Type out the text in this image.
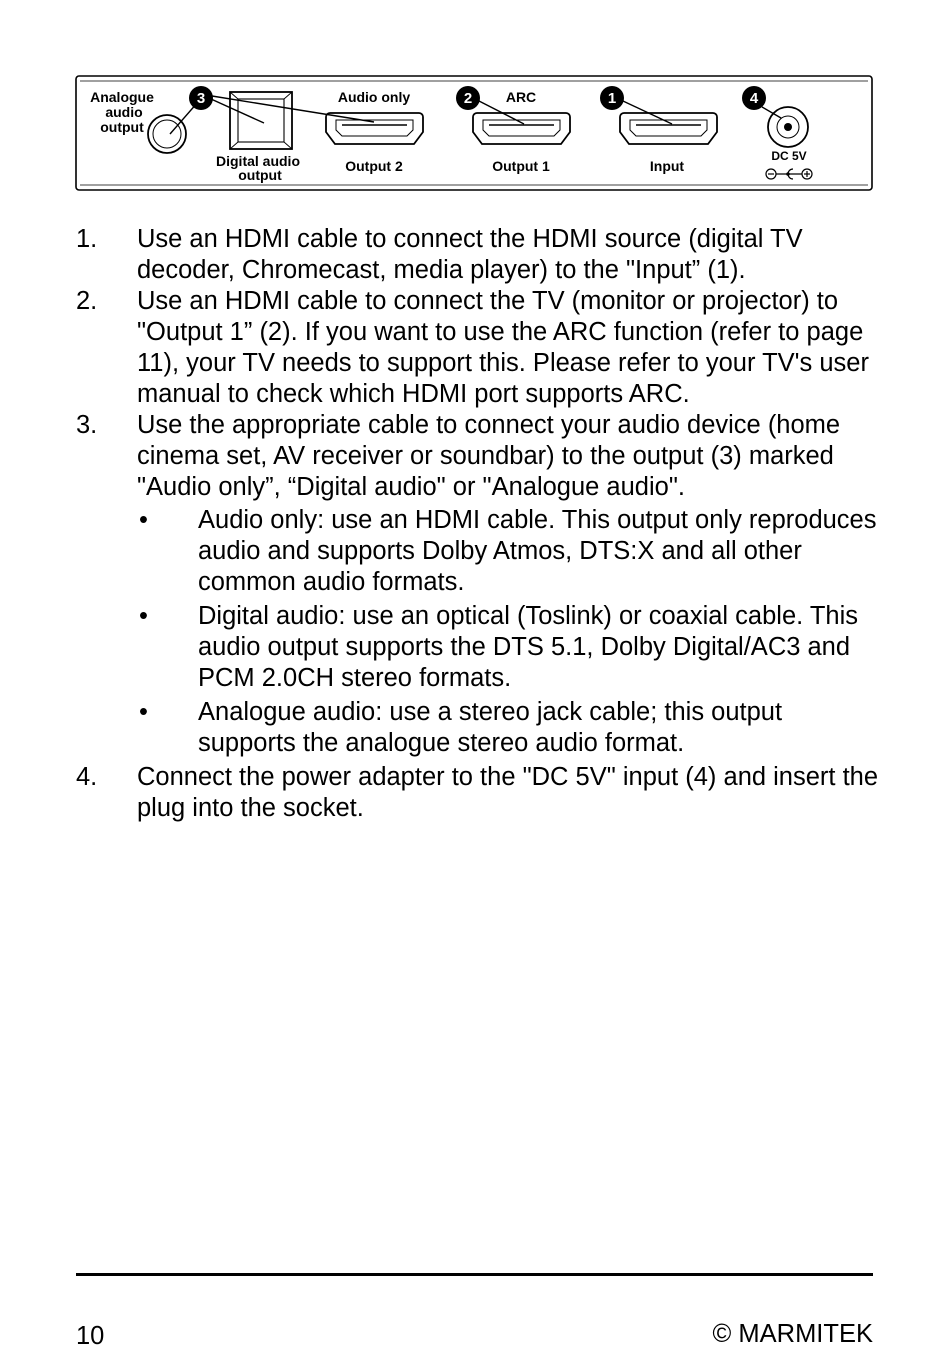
Analogue
audio
output
3
Digital audio
output
Audio only
Output 2
2 ARC
Output 1
1
Input
4
DC 5V
1. Use an HDMI cable to connect the HDMI source (digital TV decoder, Chromecast, media player) to the "Input” (1).
2. Use an HDMI cable to connect the TV (monitor or projector) to "Output 1” (2). If you want to use the ARC function (refer to page 11), your TV needs to support this. Please refer to your TV's user manual to check which HDMI port supports ARC.
3. Use the appropriate cable to connect your audio device (home cinema set, AV receiver or soundbar) to the output (3) marked "Audio only”, “Digital audio" or "Analogue audio".
• Audio only: use an HDMI cable. This output only reproduces audio and supports Dolby Atmos, DTS:X and all other common audio formats.
• Digital audio: use an optical (Toslink) or coaxial cable. This audio output supports the DTS 5.1, Dolby Digital/AC3 and PCM 2.0CH stereo formats.
• Analogue audio: use a stereo jack cable; this output supports the analogue stereo audio format.
4. Connect the power adapter to the "DC 5V" input (4) and insert the plug into the socket.
10	© MARMITEK
